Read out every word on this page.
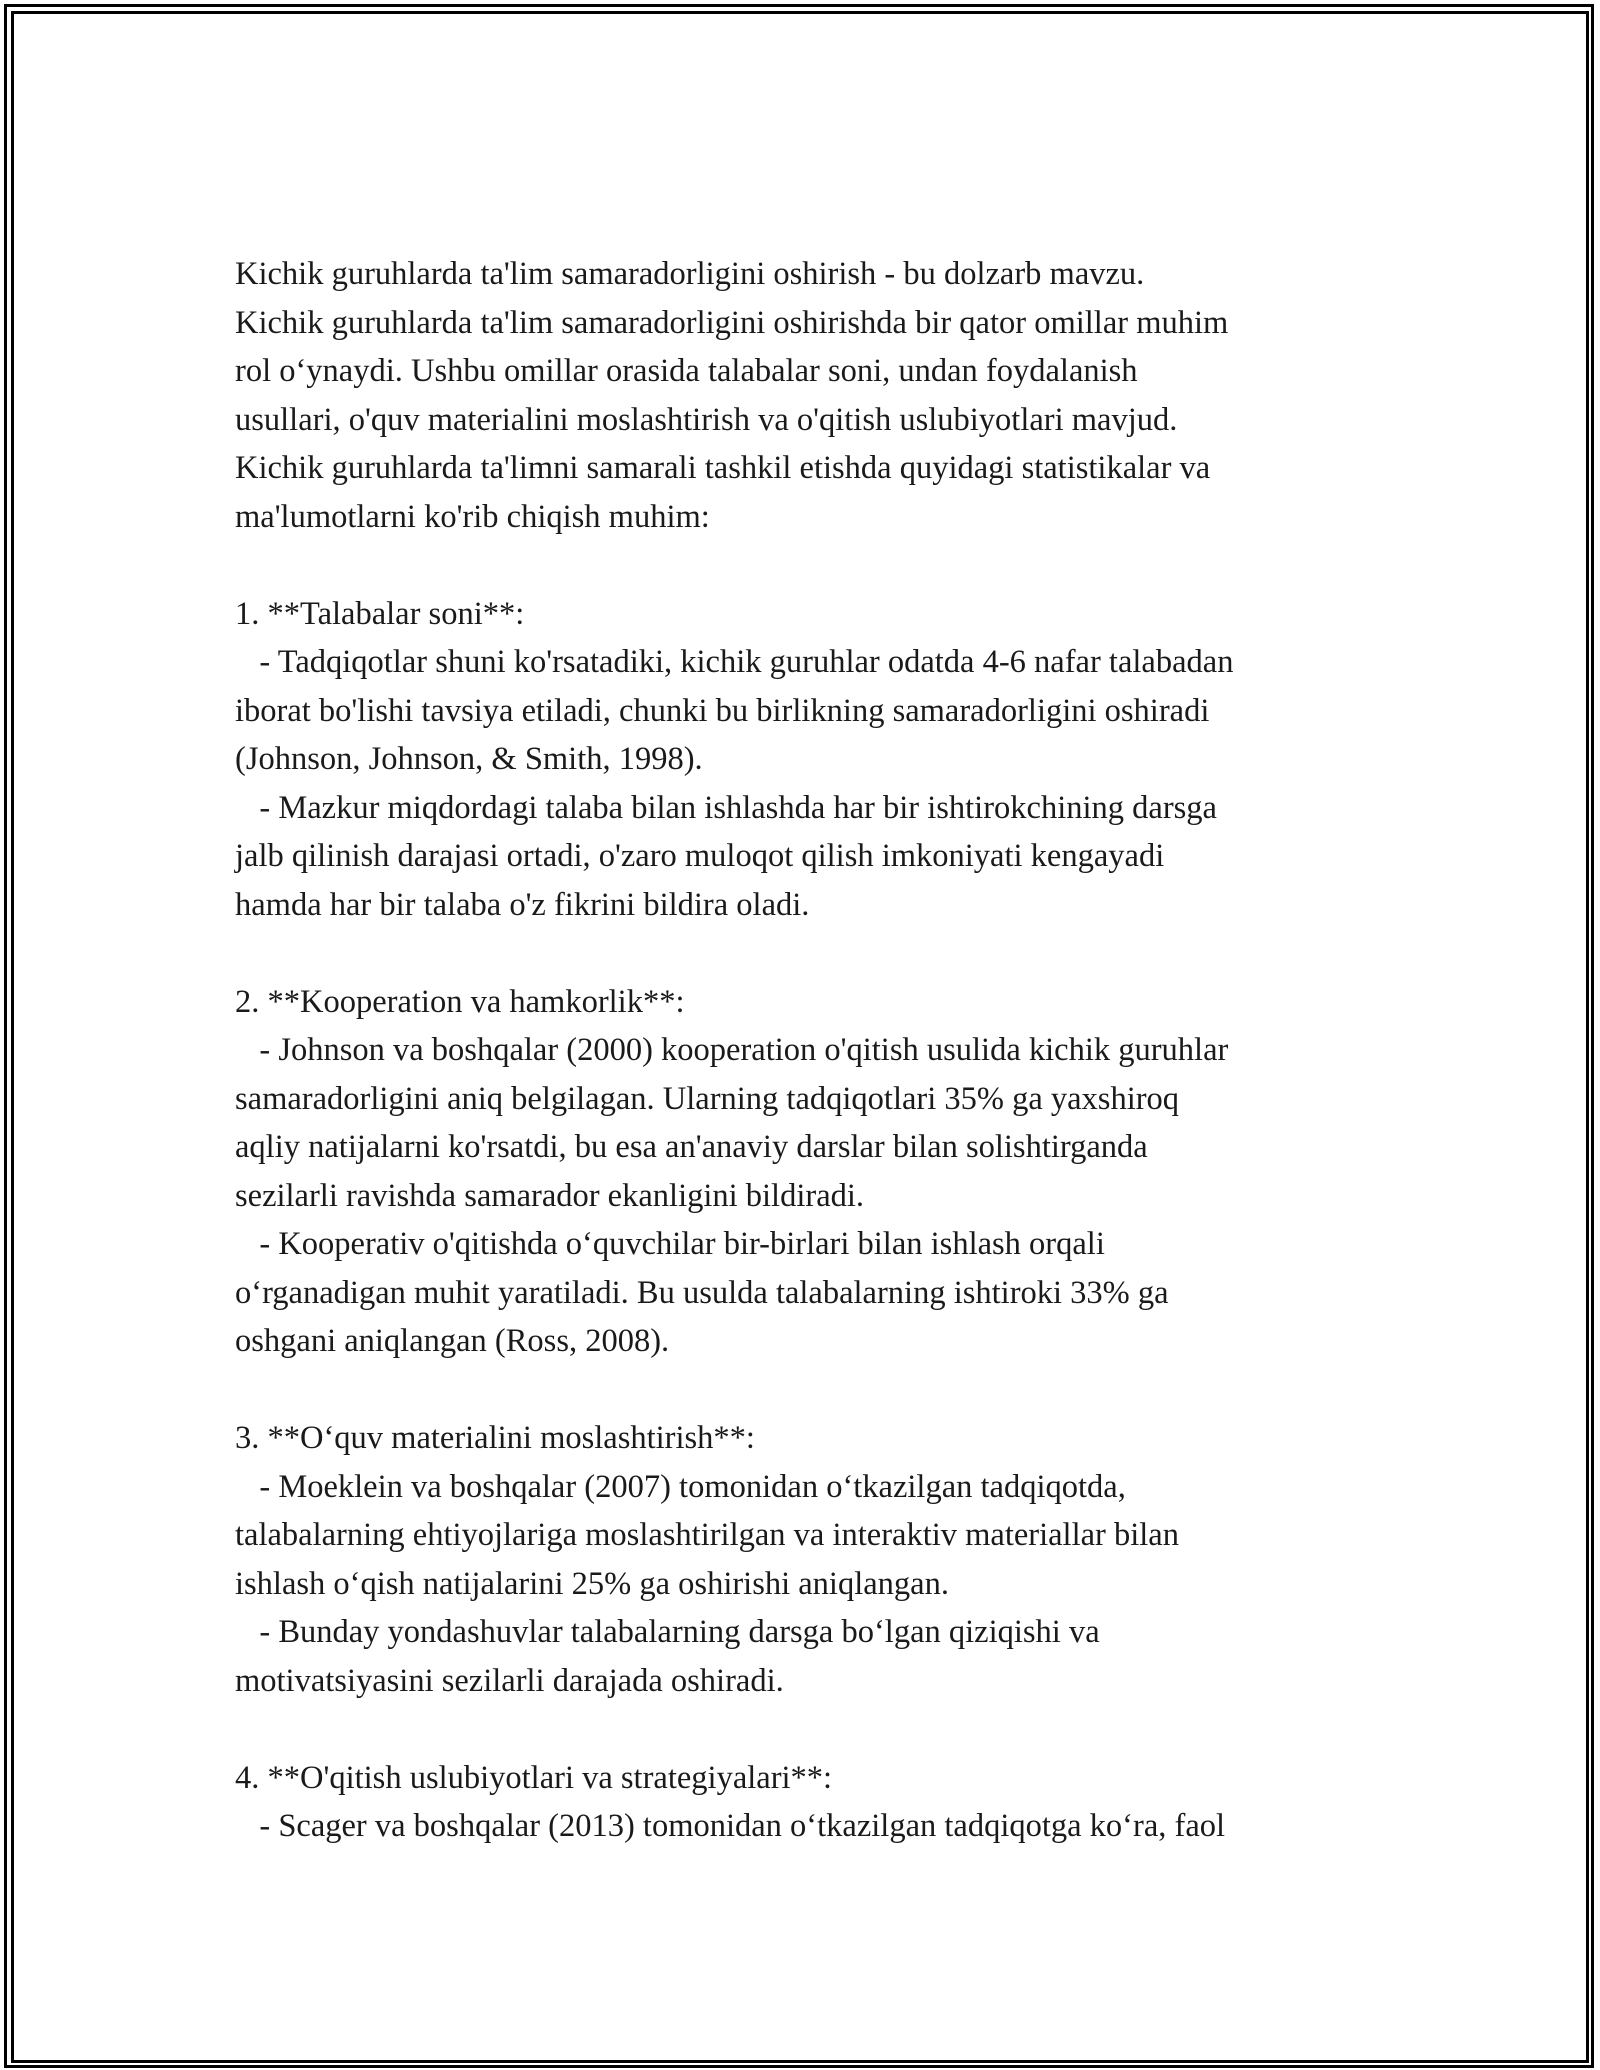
Kichik guruhlarda ta'lim samaradorligini oshirish - bu dolzarb mavzu.
Kichik guruhlarda ta'lim samaradorligini oshirishda bir qator omillar muhim
rol o‘ynaydi. Ushbu omillar orasida talabalar soni, undan foydalanish
usullari, o'quv materialini moslashtirish va o'qitish uslubiyotlari mavjud.
Kichik guruhlarda ta'limni samarali tashkil etishda quyidagi statistikalar va
ma'lumotlarni ko'rib chiqish muhim:
1. **Talabalar soni**:
- Tadqiqotlar shuni ko'rsatadiki, kichik guruhlar odatda 4-6 nafar talabadan
iborat bo'lishi tavsiya etiladi, chunki bu birlikning samaradorligini oshiradi
(Johnson, Johnson, & Smith, 1998).
- Mazkur miqdordagi talaba bilan ishlashda har bir ishtirokchining darsga
jalb qilinish darajasi ortadi, o'zaro muloqot qilish imkoniyati kengayadi
hamda har bir talaba o'z fikrini bildira oladi.
2. **Kooperation va hamkorlik**:
- Johnson va boshqalar (2000) kooperation o'qitish usulida kichik guruhlar
samaradorligini aniq belgilagan. Ularning tadqiqotlari 35% ga yaxshiroq
aqliy natijalarni ko'rsatdi, bu esa an'anaviy darslar bilan solishtirganda
sezilarli ravishda samarador ekanligini bildiradi.
- Kooperativ o'qitishda o‘quvchilar bir-birlari bilan ishlash orqali
o‘rganadigan muhit yaratiladi. Bu usulda talabalarning ishtiroki 33% ga
oshgani aniqlangan (Ross, 2008).
3. **O‘quv materialini moslashtirish**:
- Moeklein va boshqalar (2007) tomonidan o‘tkazilgan tadqiqotda,
talabalarning ehtiyojlariga moslashtirilgan va interaktiv materiallar bilan
ishlash o‘qish natijalarini 25% ga oshirishi aniqlangan.
- Bunday yondashuvlar talabalarning darsga bo‘lgan qiziqishi va
motivatsiyasini sezilarli darajada oshiradi.
4. **O'qitish uslubiyotlari va strategiyalari**:
- Scager va boshqalar (2013) tomonidan o‘tkazilgan tadqiqotga ko‘ra, faol
